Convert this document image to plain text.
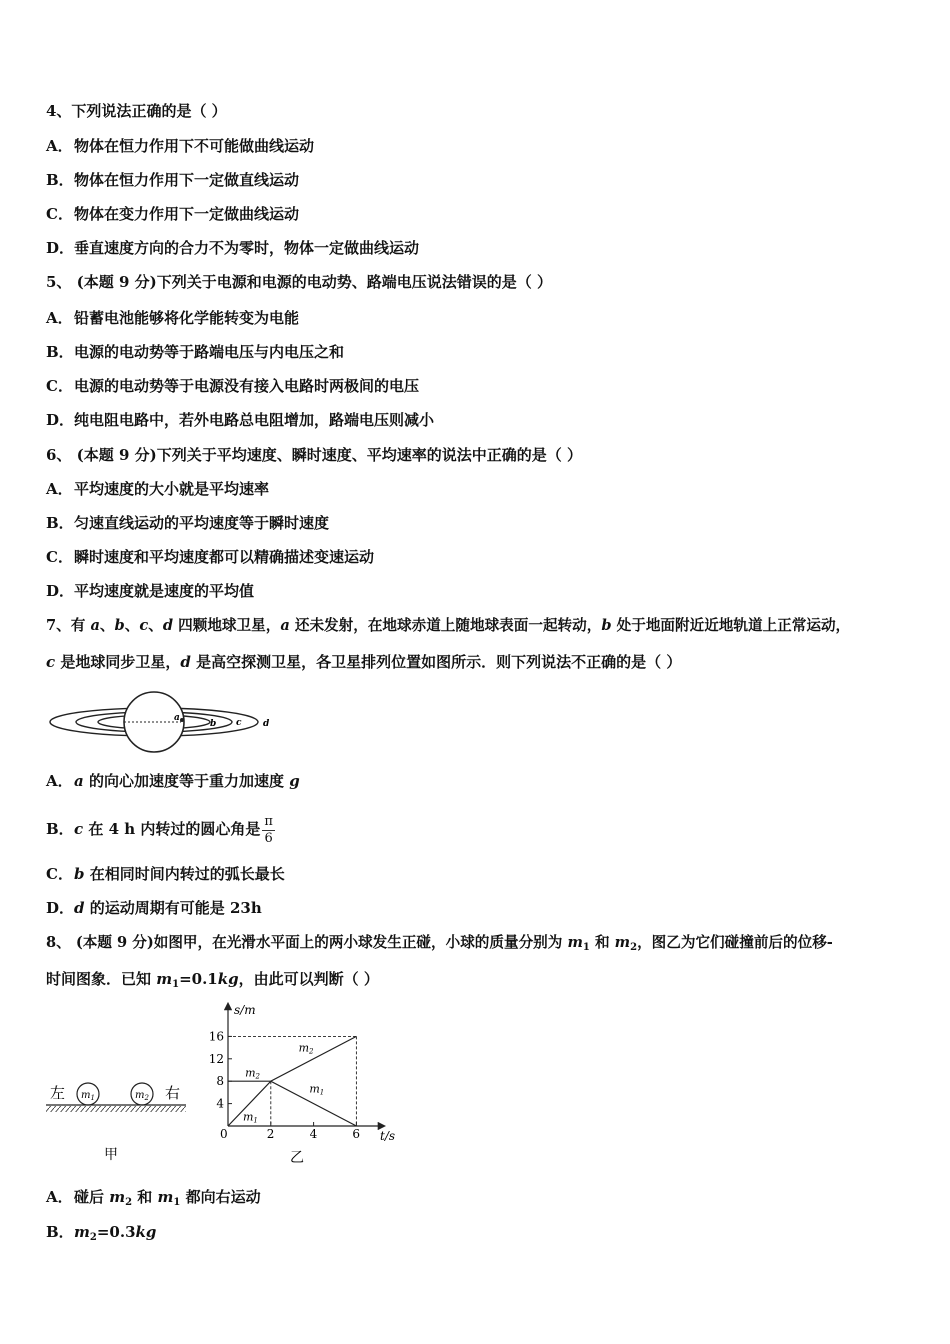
4、下列说法正确的是（ ）
A．物体在恒力作用下不可能做曲线运动
B．物体在恒力作用下一定做直线运动
C．物体在变力作用下一定做曲线运动
D．垂直速度方向的合力不为零时，物体一定做曲线运动
5、 (本题 9 分)下列关于电源和电源的电动势、路端电压说法错误的是（ ）
A．铅蓄电池能够将化学能转变为电能
B．电源的电动势等于路端电压与内电压之和
C．电源的电动势等于电源没有接入电路时两极间的电压
D．纯电阻电路中，若外电路总电阻增加，路端电压则减小
6、 (本题 9 分)下列关于平均速度、瞬时速度、平均速率的说法中正确的是（ ）
A．平均速度的大小就是平均速率
B．匀速直线运动的平均速度等于瞬时速度
C．瞬时速度和平均速度都可以精确描述变速运动
D．平均速度就是速度的平均值
7、有 a、b、c、d 四颗地球卫星，a 还未发射，在地球赤道上随地球表面一起转动，b 处于地面附近近地轨道上正常运动，
c 是地球同步卫星，d 是高空探测卫星，各卫星排列位置如图所示．则下列说法不正确的是（ ）
a
b c d
A．a 的向心加速度等于重力加速度 g
B．c 在 4 h 内转过的圆心角是 $\frac{\pi}{6}$
C．b 在相同时间内转过的弧长最长
D．d 的运动周期有可能是 23h
8、 (本题 9 分)如图甲，在光滑水平面上的两小球发生正碰，小球的质量分别为 $m_1$ 和 $m_2$，图乙为它们碰撞前后的位移-
时间图象．已知 $m_1=0.1kg$，由此可以判断（ ）
左 $m_1$	$m_2$ 右
甲
s/m
t/s
0	2	4	6
4
8
12
16
m2
m2
m1
m1
乙
A．碰后 $m_2$ 和 $m_1$ 都向右运动
B．$m_2=0.3kg$
